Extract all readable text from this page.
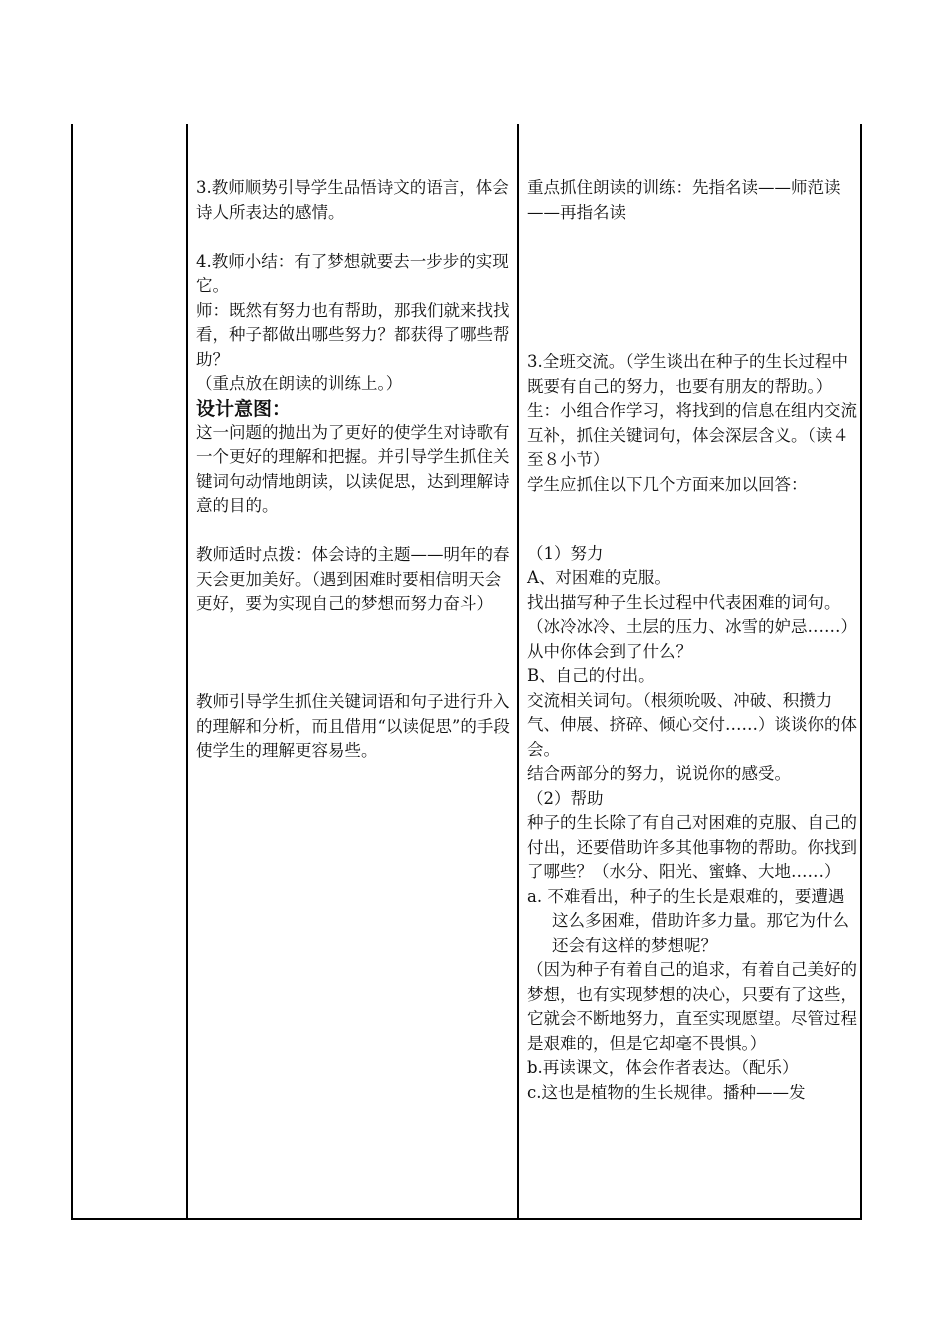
3.教师顺势引导学生品悟诗文的语言，体会诗人所表达的感情。

4.教师小结：有了梦想就要去一步步的实现它。

师：既然有努力也有帮助，那我们就来找找看，种子都做出哪些努力？都获得了哪些帮助？

（重点放在朗读的训练上。）

设计意图：

这一问题的抛出为了更好的使学生对诗歌有一个更好的理解和把握。并引导学生抓住关键词句动情地朗读，以读促思，达到理解诗意的目的。

教师适时点拨：体会诗的主题——明年的春天会更加美好。（遇到困难时要相信明天会更好，要为实现自己的梦想而努力奋斗）

教师引导学生抓住关键词语和句子进行升入的理解和分析，而且借用“以读促思”的手段使学生的理解更容易些。

重点抓住朗读的训练：先指名读——师范读——再指名读

3.全班交流。（学生谈出在种子的生长过程中既要有自己的努力，也要有朋友的帮助。）

生：小组合作学习，将找到的信息在组内交流互补，抓住关键词句，体会深层含义。（读４至８小节）

学生应抓住以下几个方面来加以回答：

（1）努力

A、对困难的克服。

找出描写种子生长过程中代表困难的词句。（冰冷冰冷、土层的压力、冰雪的妒忌……）从中你体会到了什么？

B、自己的付出。

交流相关词句。（根须吮吸、冲破、积攒力气、伸展、挤碎、倾心交付……）谈谈你的体会。

结合两部分的努力，说说你的感受。

（2）帮助

种子的生长除了有自己对困难的克服、自己的付出，还要借助许多其他事物的帮助。你找到了哪些？（水分、阳光、蜜蜂、大地……）

a. 不难看出，种子的生长是艰难的，要遭遇这么多困难，借助许多力量。那它为什么还会有这样的梦想呢？

（因为种子有着自己的追求，有着自己美好的梦想，也有实现梦想的决心，只要有了这些，它就会不断地努力，直至实现愿望。尽管过程是艰难的，但是它却毫不畏惧。）

b.再读课文，体会作者表达。（配乐）

c.这也是植物的生长规律。播种——发
